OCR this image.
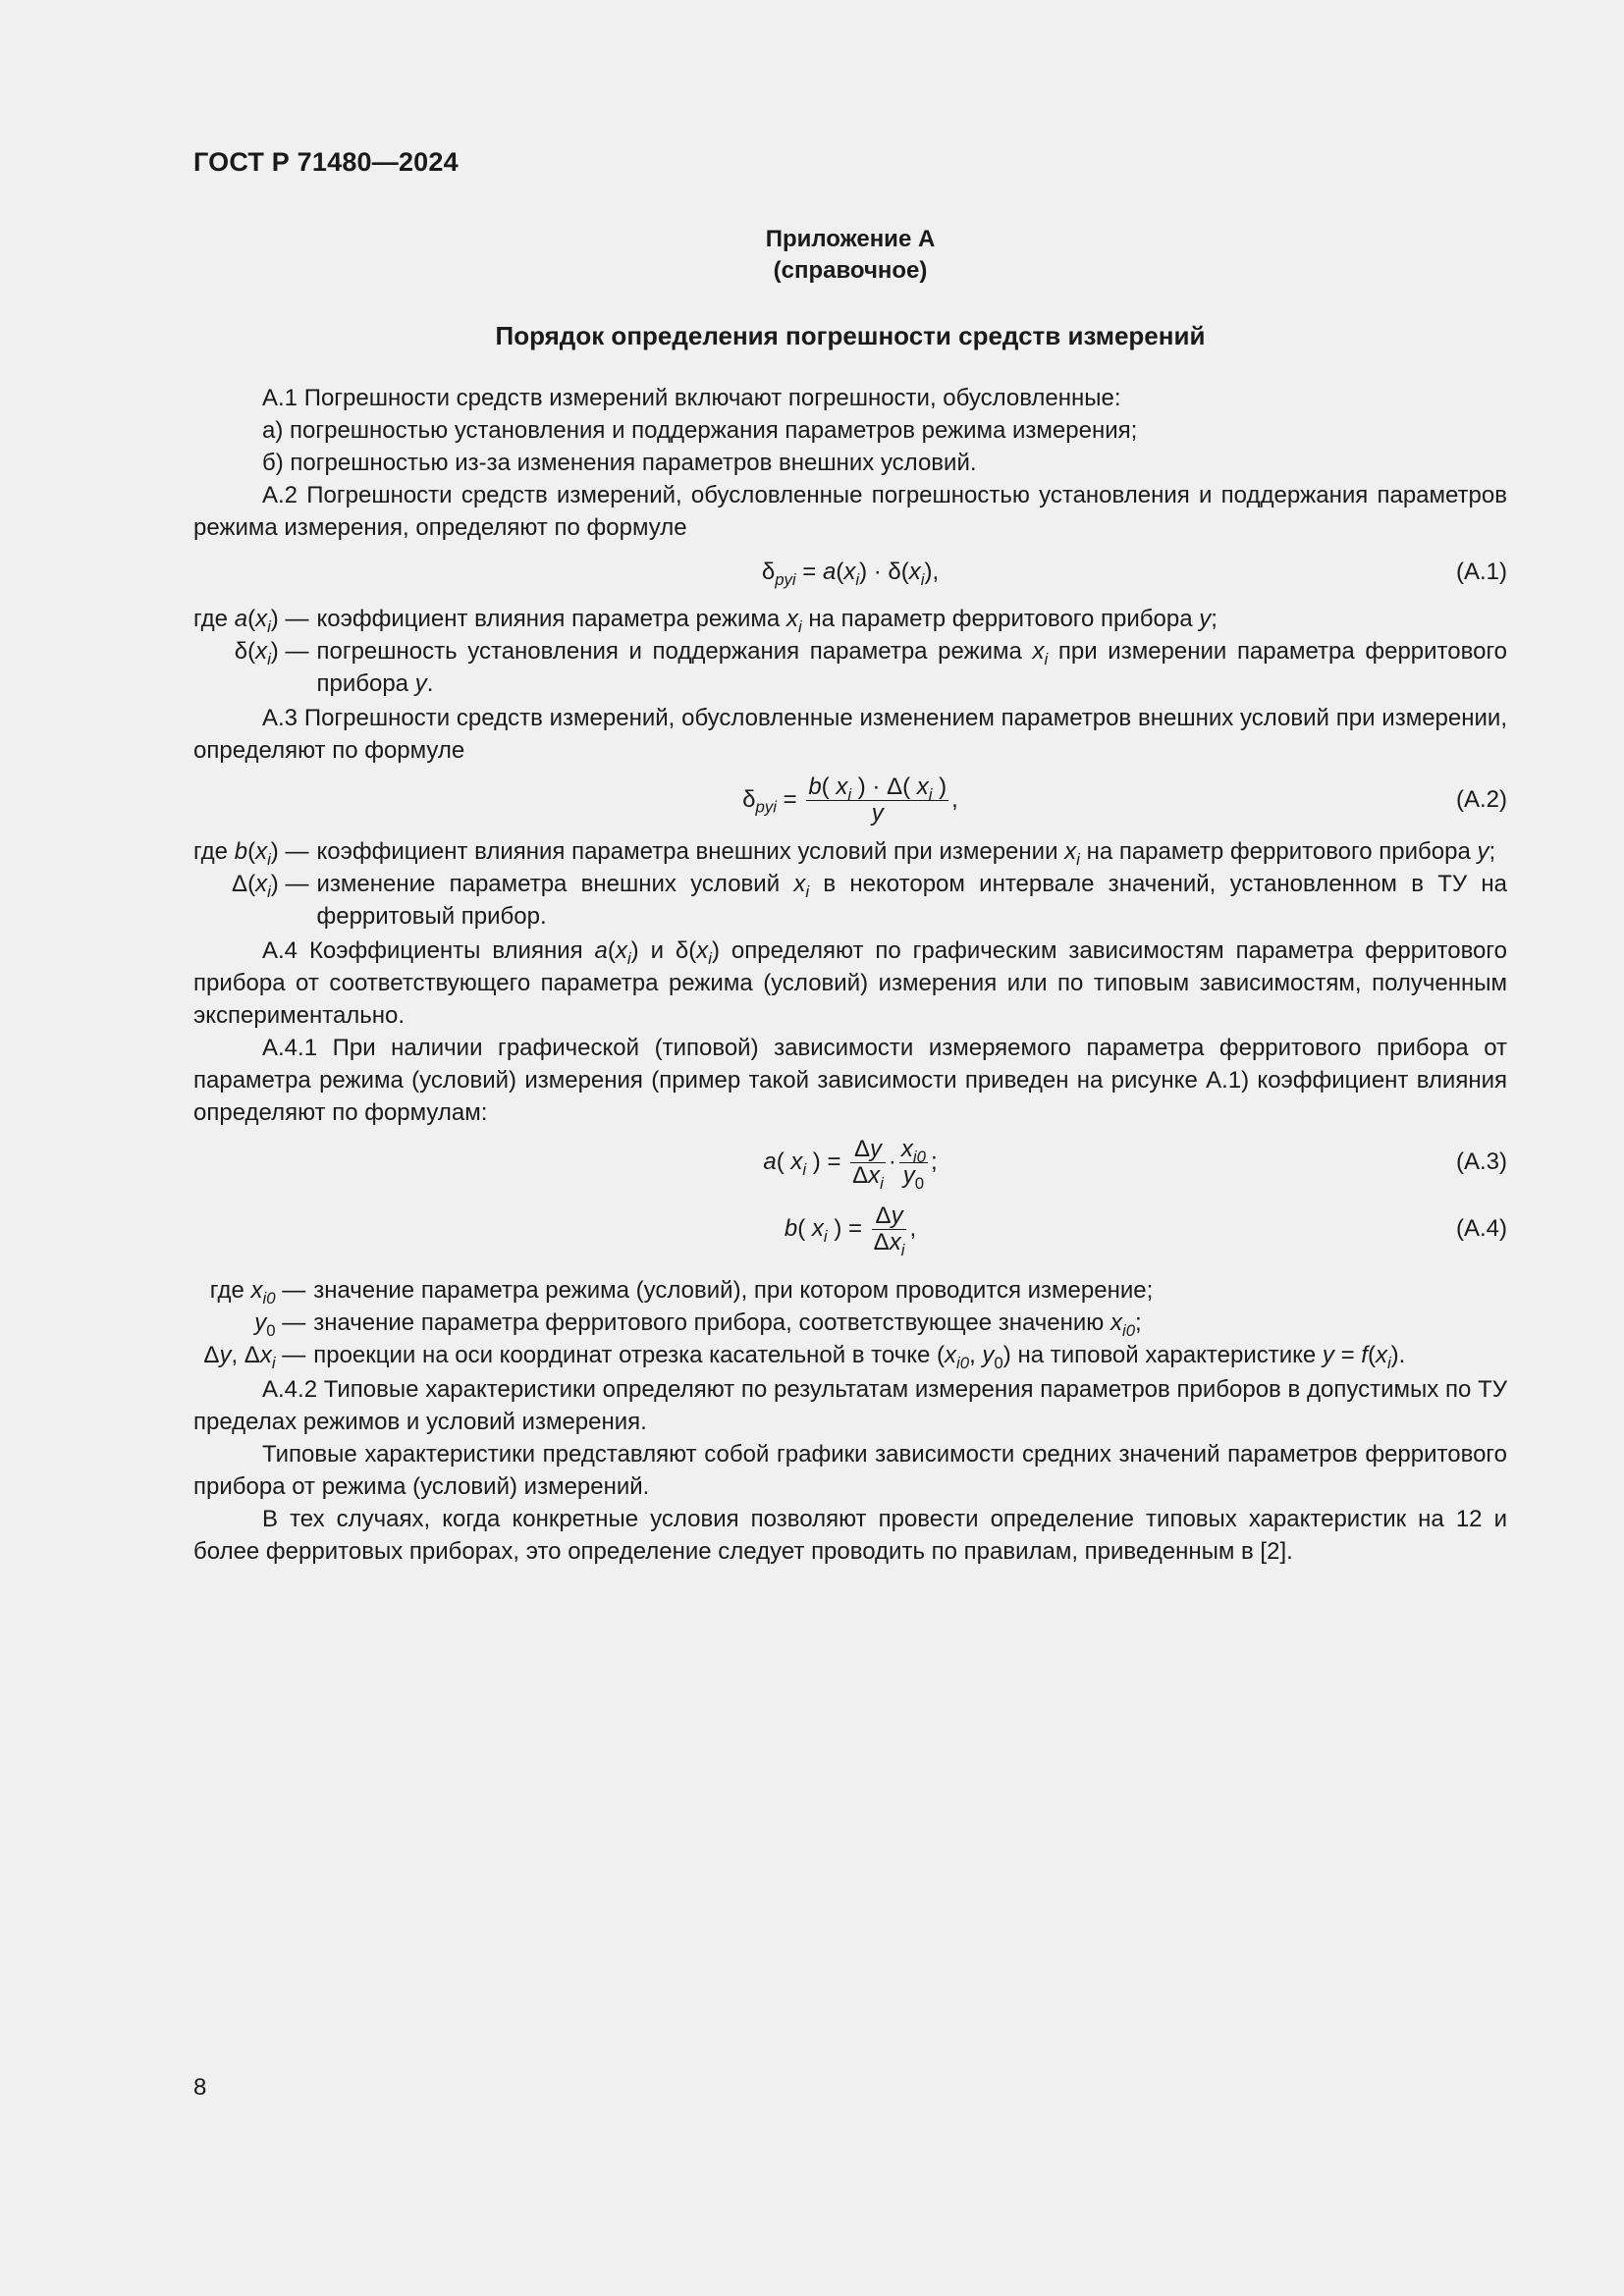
ГОСТ Р 71480—2024
Приложение А
(справочное)
Порядок определения погрешности средств измерений

А.1 Погрешности средств измерений включают погрешности, обусловленные:

а) погрешностью установления и поддержания параметров режима измерения;

б) погрешностью из-за изменения параметров внешних условий.

А.2 Погрешности средств измерений, обусловленные погрешностью установления и поддержания параметров режима измерения, определяют по формуле

$\delta_{pyi} = a(x_i) \cdot \delta(x_i)$,	(А.1)
где $a(x_i)$ —	коэффициент влияния параметра режима $x_i$ на параметр ферритового прибора y;
$\delta(x_i)$ —	погрешность установления и поддержания параметра режима $x_i$ при измерении параметра ферритового прибора y.

А.3 Погрешности средств измерений, обусловленные изменением параметров внешних условий при измерении, определяют по формуле

$\delta_{pyi} = \frac{b( x_i ) \cdot \Delta( x_i )}{y}$ ,	(А.2)
где $b(x_i)$ —	коэффициент влияния параметра внешних условий при измерении $x_i$ на параметр ферритового прибора y;
$\Delta(x_i)$ —	изменение параметра внешних условий $x_i$ в некотором интервале значений, установленном в ТУ на ферритовый прибор.

А.4 Коэффициенты влияния $a(x_i)$ и $\delta(x_i)$ определяют по графическим зависимостям параметра ферритового прибора от соответствующего параметра режима (условий) измерения или по типовым зависимостям, полученным экспериментально.

А.4.1 При наличии графической (типовой) зависимости измеряемого параметра ферритового прибора от параметра режима (условий) измерения (пример такой зависимости приведен на рисунке А.1) коэффициент влияния определяют по формулам:

a( $x_i$ ) = $\frac{\Delta y}{\Delta x_i} \cdot \frac{x_{i0}}{y_0}$ ;	(А.3)
b( $x_i$ ) = $\frac{\Delta y}{\Delta x_i}$ ,	(А.4)
где $x_{i0}$ —	значение параметра режима (условий), при котором проводится измерение;
$y_0$ —	значение параметра ферритового прибора, соответствующее значению $x_{i0}$;
Δy, $\Delta x_i$ —	проекции на оси координат отрезка касательной в точке ($x_{i0}$, $y_0$) на типовой характеристике $y = f(x_i)$.

А.4.2 Типовые характеристики определяют по результатам измерения параметров приборов в допустимых по ТУ пределах режимов и условий измерения.

Типовые характеристики представляют собой графики зависимости средних значений параметров ферритового прибора от режима (условий) измерений.

В тех случаях, когда конкретные условия позволяют провести определение типовых характеристик на 12 и более ферритовых приборах, это определение следует проводить по правилам, приведенным в [2].

8
